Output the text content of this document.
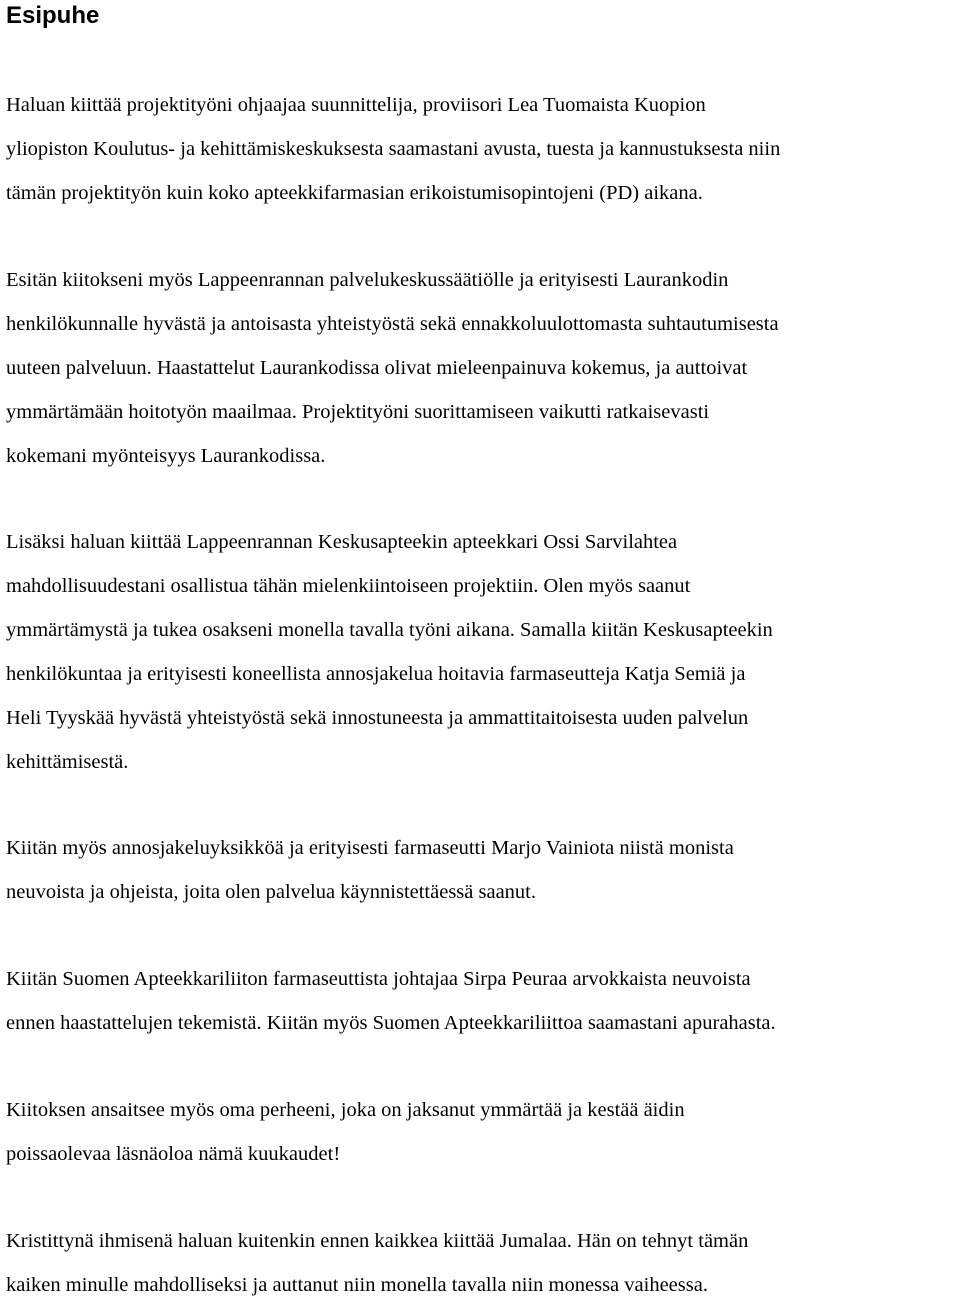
Esipuhe
Haluan kiittää projektityöni ohjaajaa suunnittelija, proviisori Lea Tuomaista Kuopion
yliopiston Koulutus- ja kehittämiskeskuksesta saamastani avusta, tuesta ja kannustuksesta niin
tämän projektityön kuin koko apteekkifarmasian erikoistumisopintojeni (PD) aikana.
Esitän kiitokseni myös Lappeenrannan palvelukeskussäätiölle ja erityisesti Laurankodin
henkilökunnalle hyvästä ja antoisasta yhteistyöstä sekä ennakkoluulottomasta suhtautumisesta
uuteen palveluun. Haastattelut Laurankodissa olivat mieleenpainuva kokemus, ja auttoivat
ymmärtämään hoitotyön maailmaa. Projektityöni suorittamiseen vaikutti ratkaisevasti
kokemani myönteisyys Laurankodissa.
Lisäksi haluan kiittää Lappeenrannan Keskusapteekin apteekkari Ossi Sarvilahtea
mahdollisuudestani osallistua tähän mielenkiintoiseen projektiin. Olen myös saanut
ymmärtämystä ja tukea osakseni monella tavalla työni aikana. Samalla kiitän Keskusapteekin
henkilökuntaa ja erityisesti koneellista annosjakelua hoitavia farmaseutteja Katja Semiä ja
Heli Tyyskää hyvästä yhteistyöstä sekä innostuneesta ja ammattitaitoisesta uuden palvelun
kehittämisestä.
Kiitän myös annosjakeluyksikköä ja erityisesti farmaseutti Marjo Vainiota niistä monista
neuvoista ja ohjeista, joita olen palvelua käynnistettäessä saanut.
Kiitän Suomen Apteekkariliiton farmaseuttista johtajaa Sirpa Peuraa arvokkaista neuvoista
ennen haastattelujen tekemistä. Kiitän myös Suomen Apteekkariliittoa saamastani apurahasta.
Kiitoksen ansaitsee myös oma perheeni, joka on jaksanut ymmärtää ja kestää äidin
poissaolevaa läsnäoloa nämä kuukaudet!
Kristittynä ihmisenä haluan kuitenkin ennen kaikkea kiittää Jumalaa. Hän on tehnyt tämän
kaiken minulle mahdolliseksi ja auttanut niin monella tavalla niin monessa vaiheessa.
